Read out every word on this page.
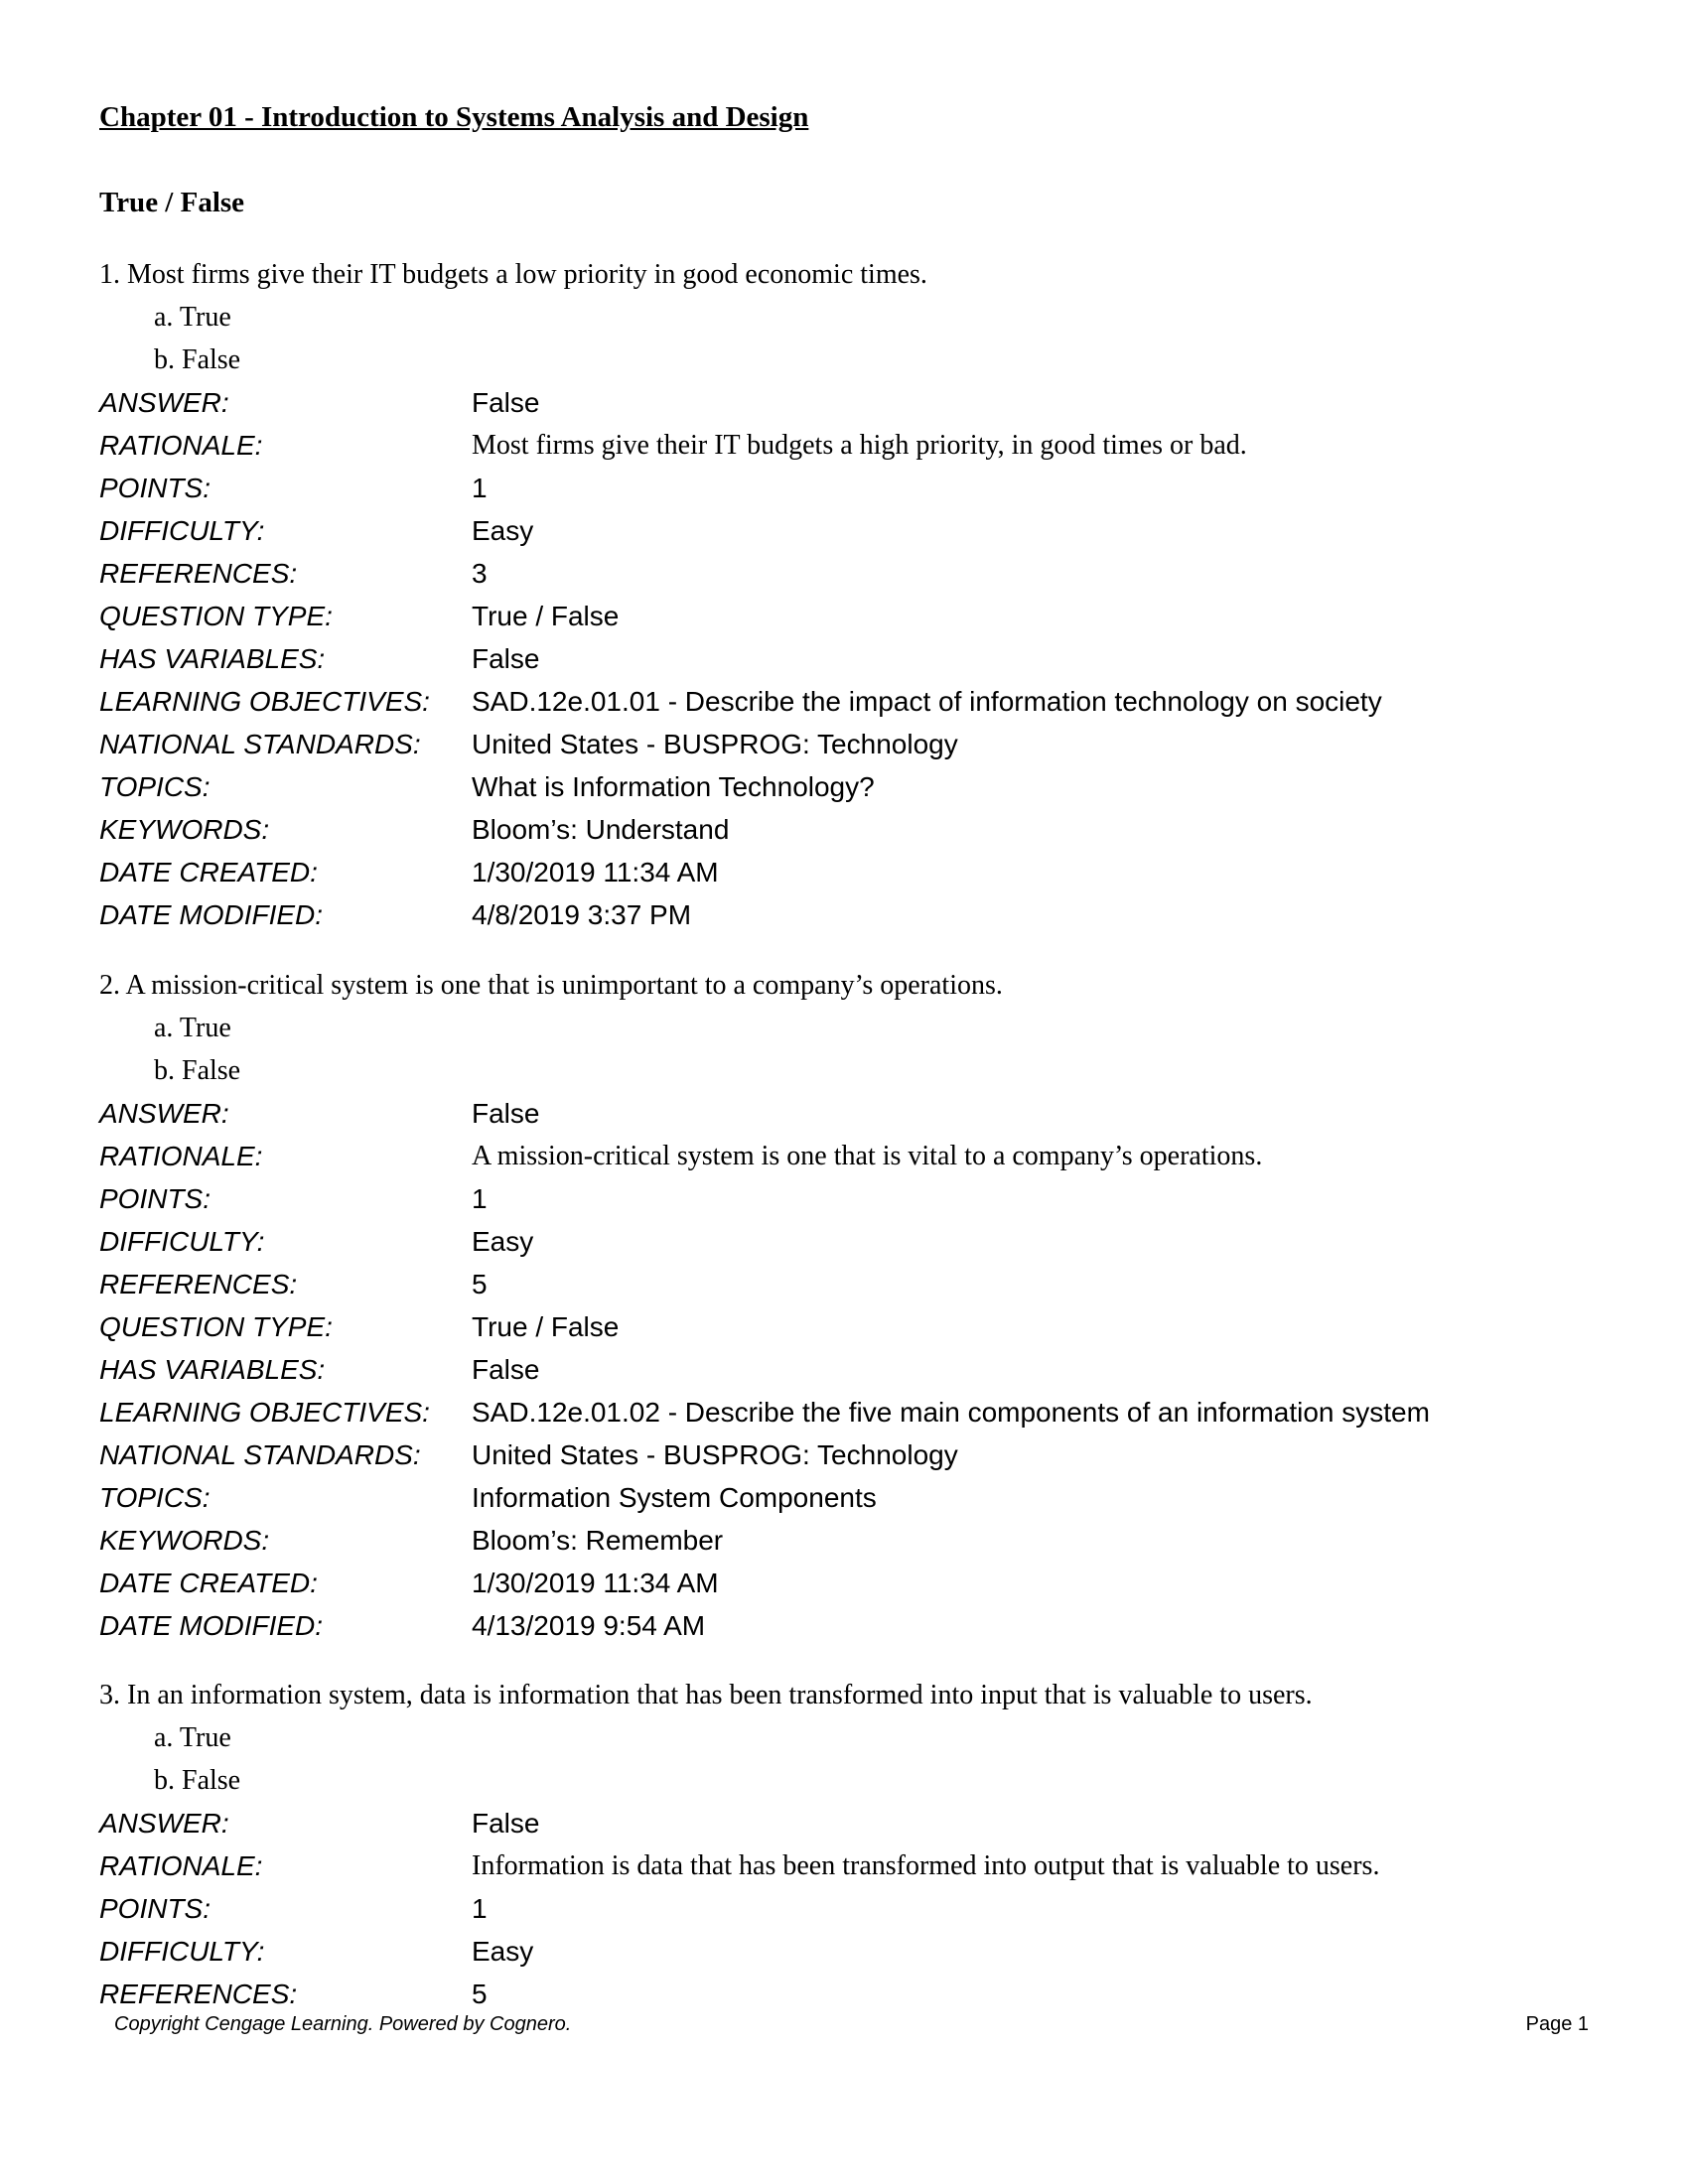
Chapter 01 - Introduction to Systems Analysis and Design
True / False
1. Most firms give their IT budgets a low priority in good economic times.
a. True
b. False
ANSWER:	False
RATIONALE:	Most firms give their IT budgets a high priority, in good times or bad.
POINTS:	1
DIFFICULTY:	Easy
REFERENCES:	3
QUESTION TYPE:	True / False
HAS VARIABLES:	False
LEARNING OBJECTIVES:	SAD.12e.01.01 - Describe the impact of information technology on society
NATIONAL STANDARDS:	United States - BUSPROG: Technology
TOPICS:	What is Information Technology?
KEYWORDS:	Bloom’s: Understand
DATE CREATED:	1/30/2019 11:34 AM
DATE MODIFIED:	4/8/2019 3:37 PM
2. A mission-critical system is one that is unimportant to a company’s operations.
a. True
b. False
ANSWER:	False
RATIONALE:	A mission-critical system is one that is vital to a company’s operations.
POINTS:	1
DIFFICULTY:	Easy
REFERENCES:	5
QUESTION TYPE:	True / False
HAS VARIABLES:	False
LEARNING OBJECTIVES:	SAD.12e.01.02 - Describe the five main components of an information system
NATIONAL STANDARDS:	United States - BUSPROG: Technology
TOPICS:	Information System Components
KEYWORDS:	Bloom’s: Remember
DATE CREATED:	1/30/2019 11:34 AM
DATE MODIFIED:	4/13/2019 9:54 AM
3. In an information system, data is information that has been transformed into input that is valuable to users.
a. True
b. False
ANSWER:	False
RATIONALE:	Information is data that has been transformed into output that is valuable to users.
POINTS:	1
DIFFICULTY:	Easy
REFERENCES:	5
Copyright Cengage Learning. Powered by Cognero.	Page 1
